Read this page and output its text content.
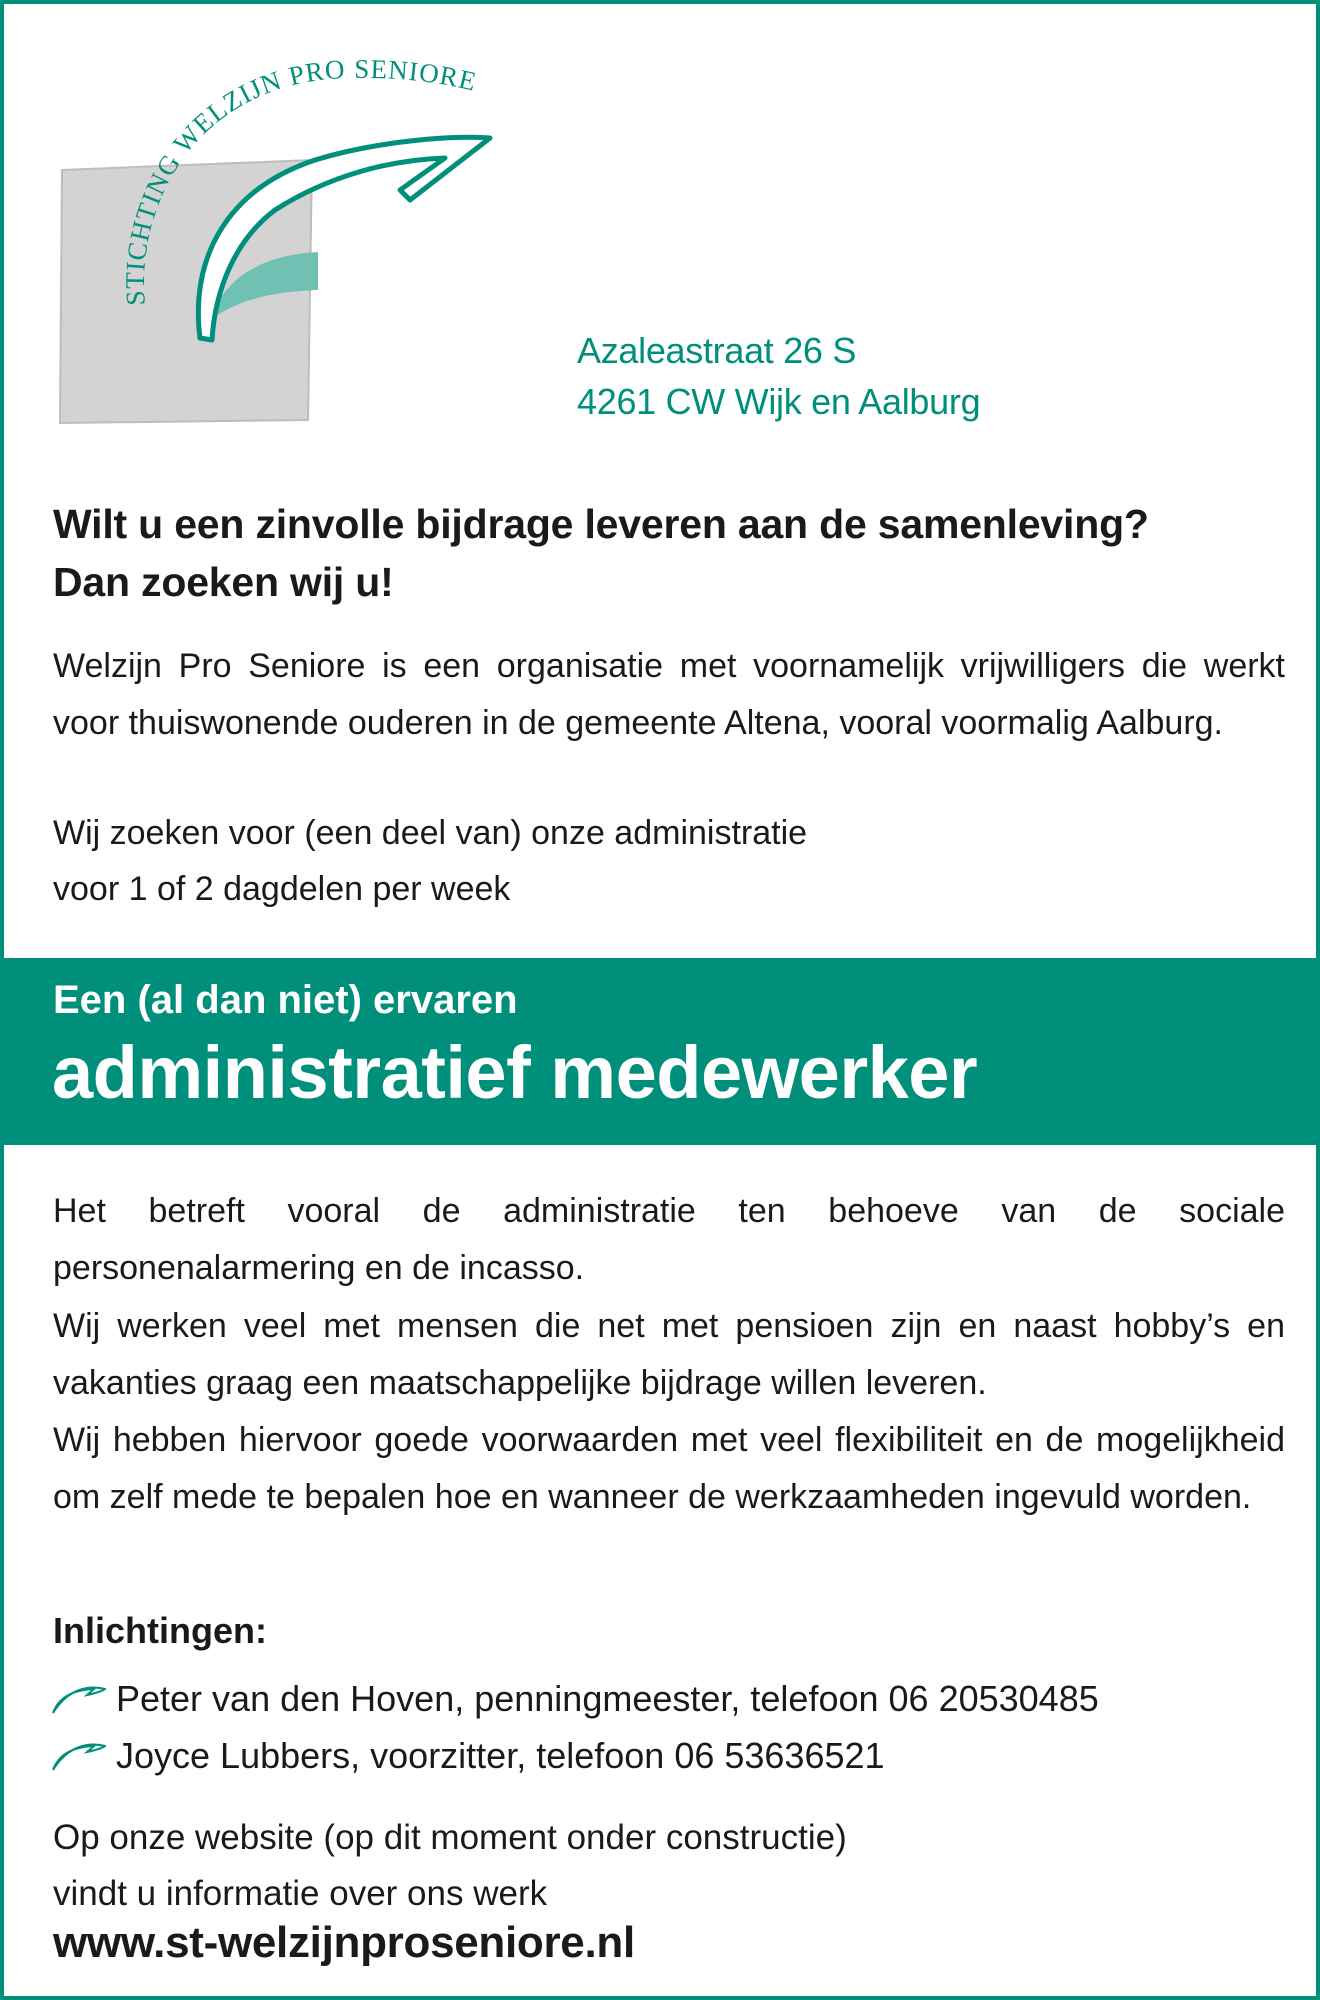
STICHTING WELZIJN PRO SENIORE
Azaleastraat 26 S
4261 CW Wijk en Aalburg
Wilt u een zinvolle bijdrage leveren aan de samenleving?
Dan zoeken wij u!

Welzijn Pro Seniore is een organisatie met voornamelijk vrijwilligers die werkt voor thuiswonende ouderen in de gemeente Altena, vooral voormalig Aalburg.

Wij zoeken voor (een deel van) onze administratie
voor 1 of 2 dagdelen per week
Een (al dan niet) ervaren
administratief medewerker

Het betreft vooral de administratie ten behoeve van de sociale personenalarmering en de incasso.

Wij werken veel met mensen die net met pensioen zijn en naast hobby’s en vakanties graag een maatschappelijke bijdrage willen leveren.

Wij hebben hiervoor goede voorwaarden met veel flexibiliteit en de mogelijkheid om zelf mede te bepalen hoe en wanneer de werkzaamheden ingevuld worden.

Inlichtingen:
Peter van den Hoven, penningmeester, telefoon 06 20530485
Joyce Lubbers, voorzitter, telefoon 06 53636521
Op onze website (op dit moment onder constructie)
vindt u informatie over ons werk
www.st-welzijnproseniore.nl
